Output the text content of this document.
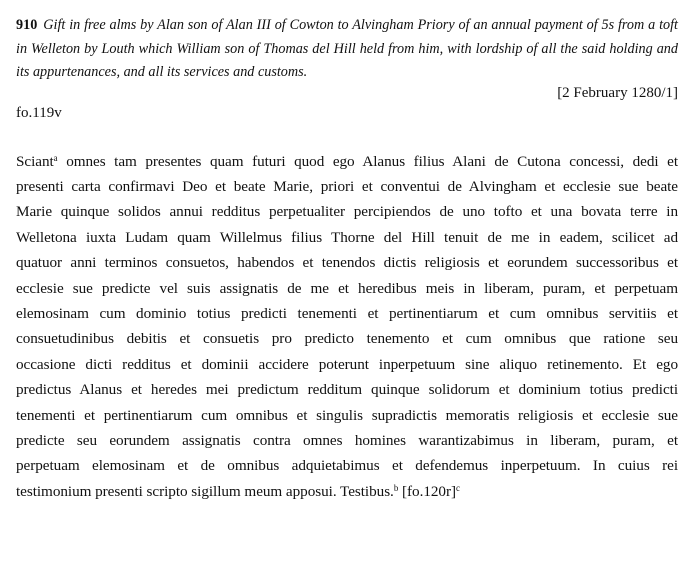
910 Gift in free alms by Alan son of Alan III of Cowton to Alvingham Priory of an annual payment of 5s from a toft in Welleton by Louth which William son of Thomas del Hill held from him, with lordship of all the said holding and its appurtenances, and all its services and customs.
[2 February 1280/1]
fo.119v
Sciant$^a$ omnes tam presentes quam futuri quod ego Alanus filius Alani de Cutona concessi, dedi et
presenti carta confirmavi Deo et beate Marie, priori et conventui de Alvingham et ecclesie sue beate
Marie quinque solidos annui redditus perpetualiter percipiendos de uno tofto et una bovata terre in
Welletona iuxta Ludam quam Willelmus filius Thorne del Hill tenuit de me in eadem, scilicet ad
quatuor anni terminos consuetos, habendos et tenendos dictis religiosis et eorundem successoribus et
ecclesie sue predicte vel suis assignatis de me et heredibus meis in liberam, puram, et perpetuam
elemosinam cum dominio totius predicti tenementi et pertinentiarum et cum omnibus servitiis et
consuetudinibus debitis et consuetis pro predicto tenemento et cum omnibus que ratione seu
occasione dicti redditus et dominii accidere poterunt inperpetuum sine aliquo retinemento. Et ego
predictus Alanus et heredes mei predictum redditum quinque solidorum et dominium totius predicti
tenementi et pertinentiarum cum omnibus et singulis supradictis memoratis religiosis et ecclesie sue
predicte seu eorundem assignatis contra omnes homines warantizabimus in liberam, puram, et
perpetuam elemosinam et de omnibus adquietabimus et defendemus inperpetuum. In cuius rei
testimonium presenti scripto sigillum meum apposui. Testibus.$^b$ $[fo.120r]^c$
